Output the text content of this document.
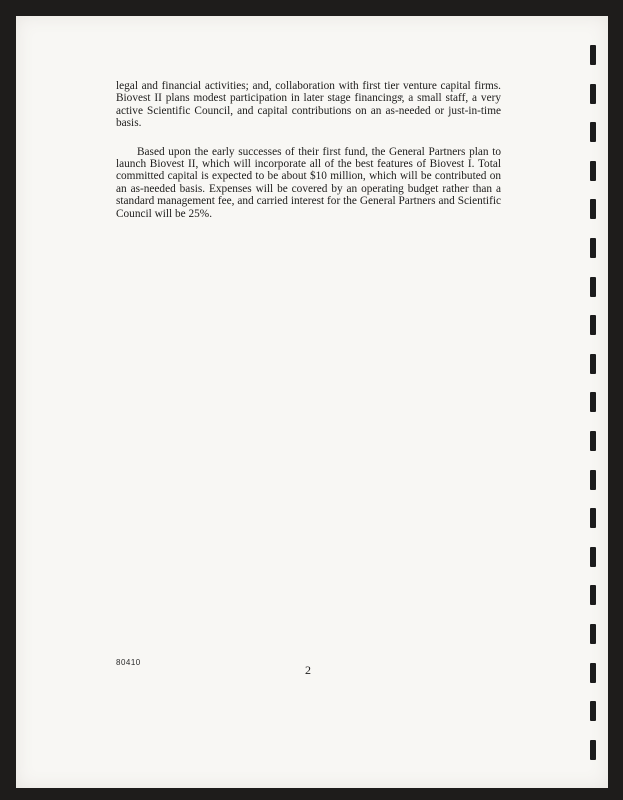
legal and financial activities; and, collaboration with first tier venture capital firms. Biovest II plans modest participation in later stage financings, a small staff, a very active Scientific Council, and capital contributions on an as-needed or just-in-time basis.

Based upon the early successes of their first fund, the General Partners plan to launch Biovest II, which will incorporate all of the best features of Biovest I. Total committed capital is expected to be about $10 million, which will be contributed on an as-needed basis. Expenses will be covered by an operating budget rather than a standard management fee, and carried interest for the General Partners and Scientific Council will be 25%.

80410
2
